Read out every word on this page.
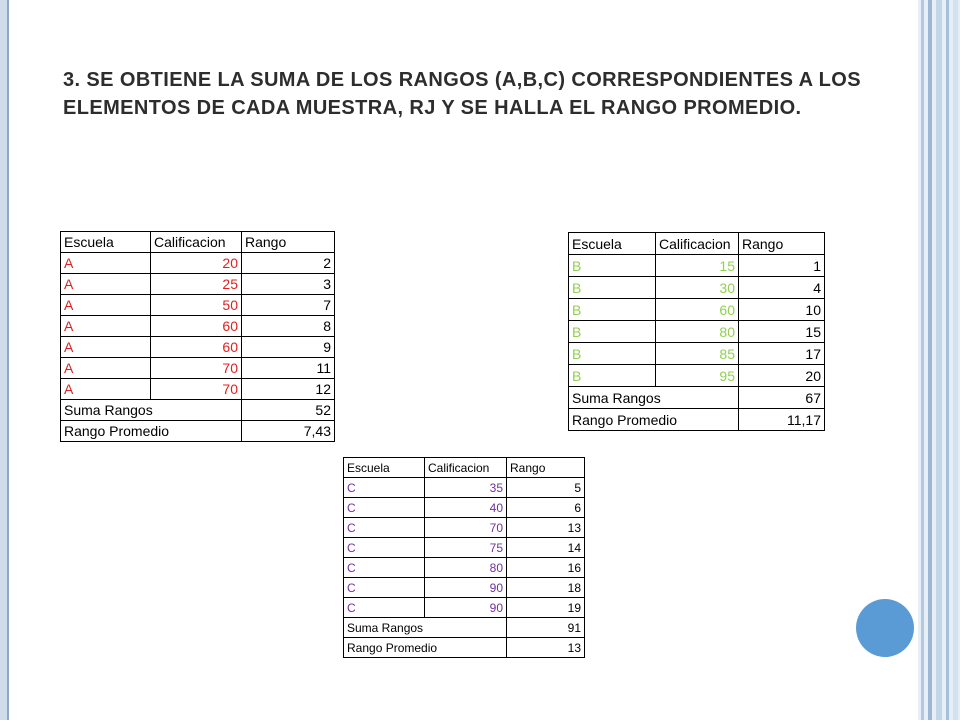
3. SE OBTIENE LA SUMA DE LOS RANGOS (A,B,C) CORRESPONDIENTES A LOS ELEMENTOS DE CADA MUESTRA, RJ Y SE HALLA EL RANGO PROMEDIO.
Escuela	Calificacion	Rango
A	20	2
A	25	3
A	50	7
A	60	8
A	60	9
A	70	11
A	70	12
Suma Rangos		52
Rango Promedio		7,43
Escuela	Calificacion	Rango
B	15	1
B	30	4
B	60	10
B	80	15
B	85	17
B	95	20
Suma Rangos		67
Rango Promedio		11,17
Escuela	Calificacion	Rango
C	35	5
C	40	6
C	70	13
C	75	14
C	80	16
C	90	18
C	90	19
Suma Rangos		91
Rango Promedio		13
